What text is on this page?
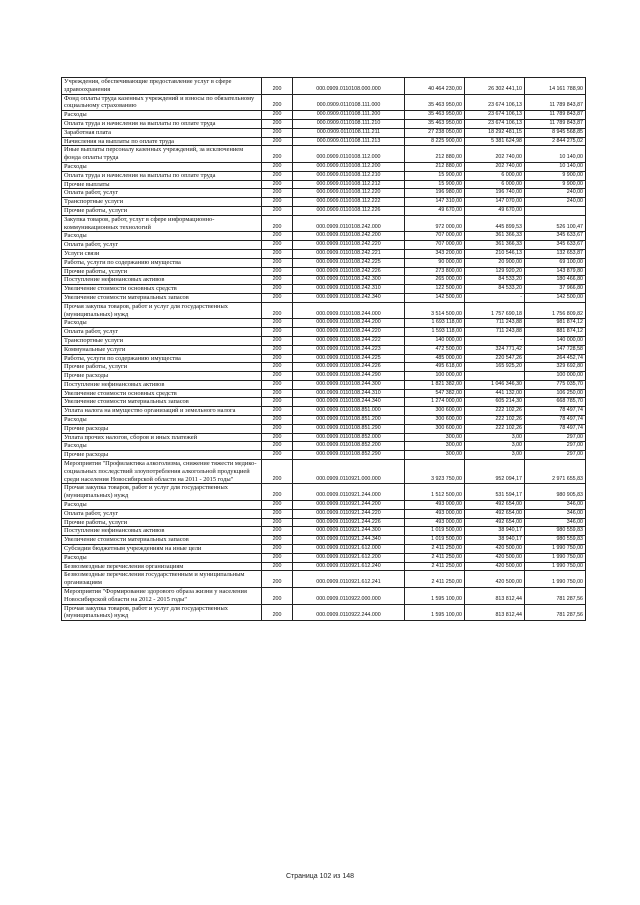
Учреждения, обеспечивающие предоставление услуг в сфере здравоохранения	200	000.0909.0110108.000.000	40 464 230,00	26 302 441,10	14 161 788,90
Фонд оплаты труда казенных учреждений и взносы по обязательному социальному страхованию	200	000.0909.0110108.111.000	35 463 950,00	23 674 106,13	11 789 843,87
Расходы	200	000.0909.0110108.111.200	35 463 950,00	23 674 106,13	11 789 843,87
Оплата труда и начисления на выплаты по оплате труда	200	000.0909.0110108.111.210	35 463 950,00	23 674 106,13	11 789 843,87
Заработная плата	200	000.0909.0110108.111.211	27 238 050,00	18 292 481,15	8 945 568,85
Начисления на выплаты по оплате труда	200	000.0909.0110108.111.213	8 225 900,00	5 381 624,98	2 844 275,02
Иные выплаты персоналу казенных учреждений, за исключением фонда оплаты труда	200	000.0909.0110108.112.000	212 880,00	202 740,00	10 140,00
Расходы	200	000.0909.0110108.112.200	212 880,00	202 740,00	10 140,00
Оплата труда и начисления на выплаты по оплате труда	200	000.0909.0110108.112.210	15 900,00	6 000,00	9 900,00
Прочие выплаты	200	000.0909.0110108.112.212	15 900,00	6 000,00	9 900,00
Оплата работ, услуг	200	000.0909.0110108.112.220	196 980,00	196 740,00	240,00
Транспортные услуги	200	000.0909.0110108.112.222	147 310,00	147 070,00	240,00
Прочие работы, услуги	200	000.0909.0110108.112.226	49 670,00	49 670,00	
Закупка товаров, работ, услуг в сфере информационно-коммуникационных технологий	200	000.0909.0110108.242.000	972 000,00	445 899,53	526 100,47
Расходы	200	000.0909.0110108.242.200	707 000,00	361 366,33	345 633,67
Оплата работ, услуг	200	000.0909.0110108.242.220	707 000,00	361 366,33	345 633,67
Услуги связи	200	000.0909.0110108.242.221	343 200,00	210 546,13	132 653,87
Работы, услуги по содержанию имущества	200	000.0909.0110108.242.225	90 000,00	20 900,00	69 100,00
Прочие работы, услуги	200	000.0909.0110108.242.226	273 800,00	129 920,20	143 879,80
Поступление нефинансовых активов	200	000.0909.0110108.242.300	265 000,00	84 533,20	180 466,80
Увеличение стоимости основных средств	200	000.0909.0110108.242.310	122 500,00	84 533,20	37 966,80
Увеличение стоимости материальных запасов	200	000.0909.0110108.242.340	142 500,00	-	142 500,00
Прочая закупка товаров, работ и услуг для государственных (муниципальных) нужд	200	000.0909.0110108.244.000	3 514 500,00	1 757 690,18	1 756 809,82
Расходы	200	000.0909.0110108.244.200	1 693 118,00	711 243,88	981 874,12
Оплата работ, услуг	200	000.0909.0110108.244.220	1 593 118,00	711 243,88	881 874,12
Транспортные услуги	200	000.0909.0110108.244.222	140 000,00	-	140 000,00
Коммунальные услуги	200	000.0909.0110108.244.223	472 500,00	324 771,42	147 728,58
Работы, услуги по содержанию имущества	200	000.0909.0110108.244.225	485 000,00	220 547,26	264 452,74
Прочие работы, услуги	200	000.0909.0110108.244.226	495 618,00	165 925,20	329 692,80
Прочие расходы	200	000.0909.0110108.244.290	100 000,00		100 000,00
Поступление нефинансовых активов	200	000.0909.0110108.244.300	1 821 382,00	1 046 346,30	775 035,70
Увеличение стоимости основных средств	200	000.0909.0110108.244.310	547 382,00	441 132,00	106 250,00
Увеличение стоимости материальных запасов	200	000.0909.0110108.244.340	1 274 000,00	605 214,30	668 785,70
Уплата налога на имущество организаций и земельного налога	200	000.0909.0110108.851.000	300 600,00	222 102,26	78 497,74
Расходы	200	000.0909.0110108.851.200	300 600,00	222 102,26	78 497,74
Прочие расходы	200	000.0909.0110108.851.290	300 600,00	222 102,26	78 497,74
Уплата прочих налогов, сборов и иных платежей	200	000.0909.0110108.852.000	300,00	3,00	297,00
Расходы	200	000.0909.0110108.852.200	300,00	3,00	297,00
Прочие расходы	200	000.0909.0110108.852.290	300,00	3,00	297,00
Мероприятия "Профилактика алкоголизма, снижение тяжести медико-социальных последствий злоупотребления алкогольной продукцией среди населения Новосибирской области на 2011 - 2015 годы"	200	000.0909.0110921.000.000	3 923 750,00	952 094,17	2 971 655,83
Прочая закупка товаров, работ и услуг для государственных (муниципальных) нужд	200	000.0909.0110921.244.000	1 512 500,00	531 594,17	980 905,83
Расходы	200	000.0909.0110921.244.200	493 000,00	492 654,00	346,00
Оплата работ, услуг	200	000.0909.0110921.244.220	493 000,00	492 654,00	346,00
Прочие работы, услуги	200	000.0909.0110921.244.226	493 000,00	492 654,00	346,00
Поступление нефинансовых активов	200	000.0909.0110921.244.300	1 019 500,00	38 940,17	980 559,83
Увеличение стоимости материальных запасов	200	000.0909.0110921.244.340	1 019 500,00	38 940,17	980 559,83
Субсидии бюджетным учреждениям на иные цели	200	000.0909.0110921.612.000	2 411 250,00	420 500,00	1 990 750,00
Расходы	200	000.0909.0110921.612.200	2 411 250,00	420 500,00	1 990 750,00
Безвозмездные перечисления организациям	200	000.0909.0110921.612.240	2 411 250,00	420 500,00	1 990 750,00
Безвозмездные перечисления государственным и муниципальным организациям	200	000.0909.0110921.612.241	2 411 250,00	420 500,00	1 990 750,00
Мероприятия "Формирование здорового образа жизни у населения Новосибирской области на 2012 - 2015 годы"	200	000.0909.0110922.000.000	1 595 100,00	813 812,44	781 287,56
Прочая закупка товаров, работ и услуг для государственных (муниципальных) нужд	200	000.0909.0110922.244.000	1 595 100,00	813 812,44	781 287,56
Страница 102 из 148
